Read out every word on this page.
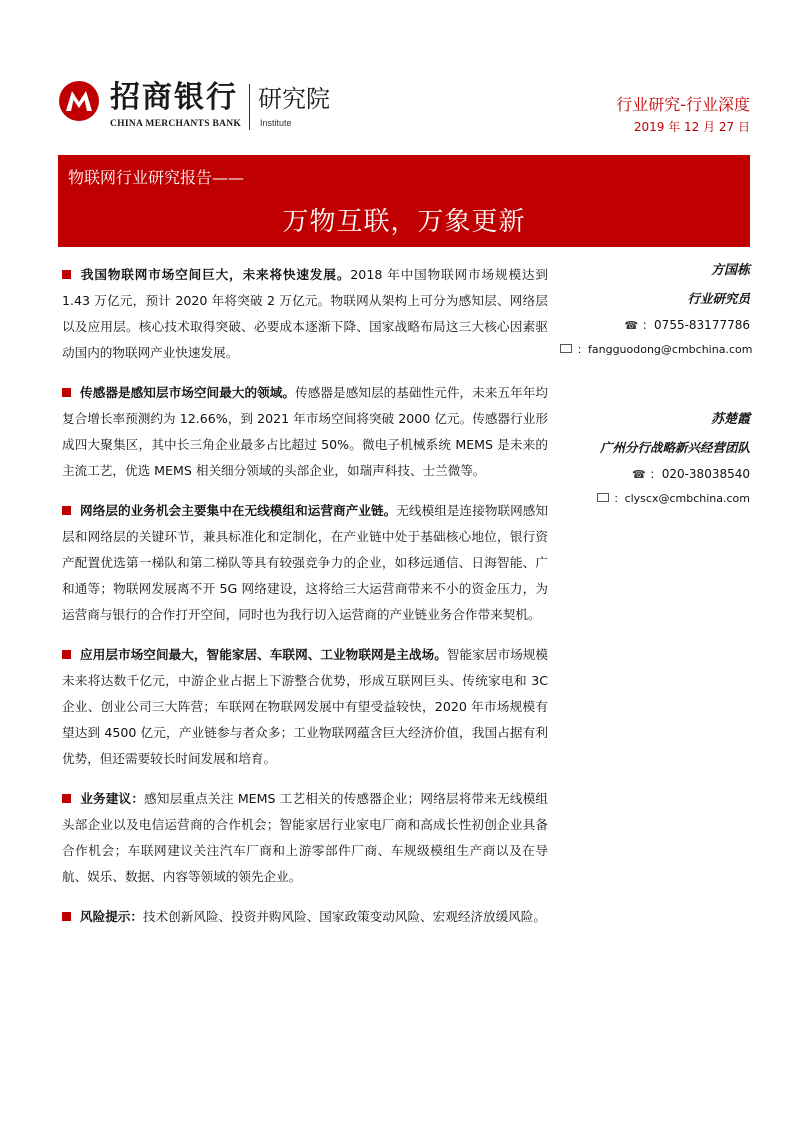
招商银行
CHINA MERCHANTS BANK
研究院
Institute
行业研究-行业深度
2019 年 12 月 27 日
物联网行业研究报告——
万物互联，万象更新

我国物联网市场空间巨大，未来将快速发展。2018 年中国物联网市场规模达到 1.43 万亿元，预计 2020 年将突破 2 万亿元。物联网从架构上可分为感知层、网络层以及应用层。核心技术取得突破、必要成本逐渐下降、国家战略布局这三大核心因素驱动国内的物联网产业快速发展。

传感器是感知层市场空间最大的领域。传感器是感知层的基础性元件，未来五年年均复合增长率预测约为 12.66%，到 2021 年市场空间将突破 2000 亿元。传感器行业形成四大聚集区，其中长三角企业最多占比超过 50%。微电子机械系统 MEMS 是未来的主流工艺，优选 MEMS 相关细分领域的头部企业，如瑞声科技、士兰微等。

网络层的业务机会主要集中在无线模组和运营商产业链。无线模组是连接物联网感知层和网络层的关键环节，兼具标准化和定制化，在产业链中处于基础核心地位，银行资产配置优选第一梯队和第二梯队等具有较强竞争力的企业，如移远通信、日海智能、广和通等；物联网发展离不开 5G 网络建设，这将给三大运营商带来不小的资金压力，为运营商与银行的合作打开空间，同时也为我行切入运营商的产业链业务合作带来契机。

应用层市场空间最大，智能家居、车联网、工业物联网是主战场。智能家居市场规模未来将达数千亿元，中游企业占据上下游整合优势，形成互联网巨头、传统家电和 3C 企业、创业公司三大阵营；车联网在物联网发展中有望受益较快，2020 年市场规模有望达到 4500 亿元，产业链参与者众多；工业物联网蕴含巨大经济价值，我国占据有利优势，但还需要较长时间发展和培育。

业务建议：感知层重点关注 MEMS 工艺相关的传感器企业；网络层将带来无线模组头部企业以及电信运营商的合作机会；智能家居行业家电厂商和高成长性初创企业具备合作机会；车联网建议关注汽车厂商和上游零部件厂商、车规级模组生产商以及在导航、娱乐、数据、内容等领域的领先企业。

风险提示：技术创新风险、投资并购风险、国家政策变动风险、宏观经济放缓风险。

方国栋

行业研究员

☎ ：0755-83177786

：fangguodong@cmbchina.com

苏楚霞

广州分行战略新兴经营团队

☎ ：020-38038540

：clyscx@cmbchina.com
